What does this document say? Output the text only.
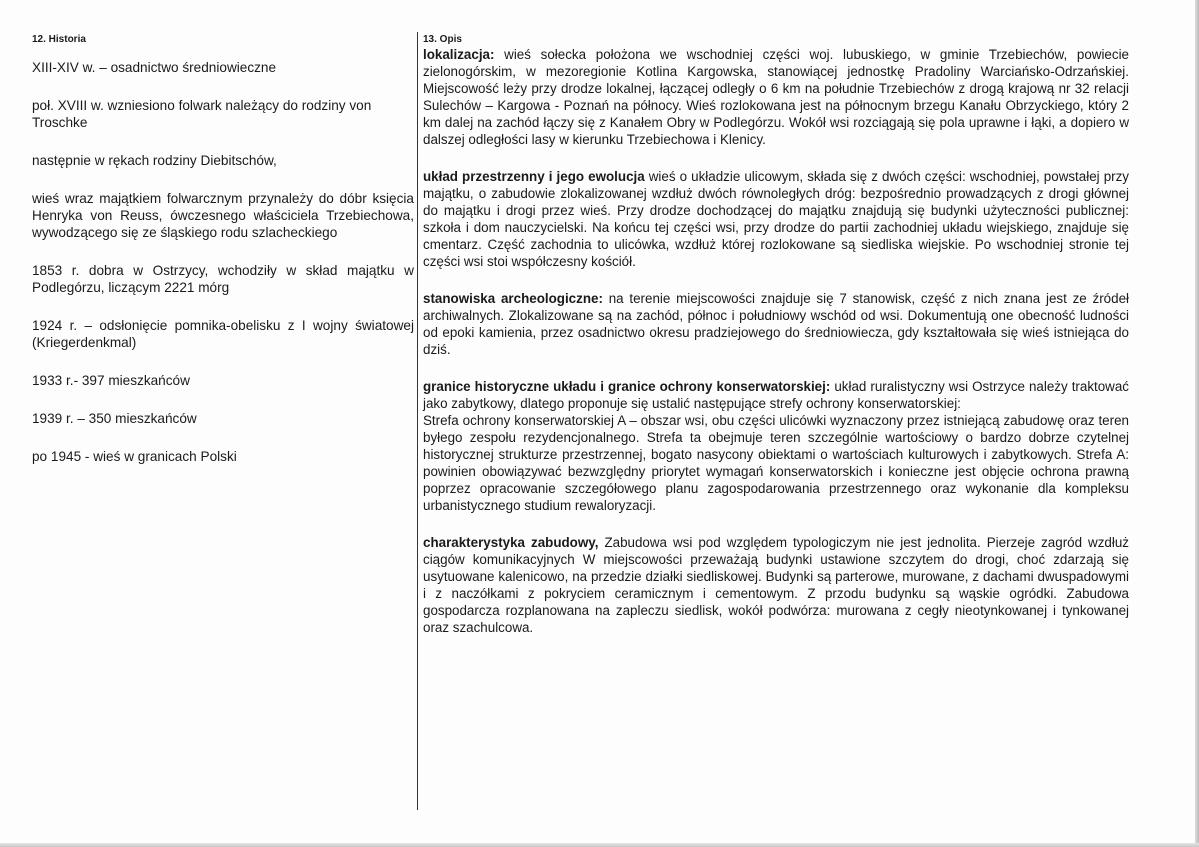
12. Historia
XIII-XIV w. – osadnictwo średniowieczne
poł. XVIII w. wzniesiono folwark należący do rodziny von Troschke
następnie w rękach rodziny Diebitschów,
wieś wraz majątkiem folwarcznym przynależy do dóbr księcia Henryka von Reuss, ówczesnego właściciela Trzebiechowa, wywodzącego się ze śląskiego rodu szlacheckiego
1853 r. dobra w Ostrzycy, wchodziły w skład majątku w Podlegórzu, liczącym 2221 mórg
1924 r. – odsłonięcie pomnika-obelisku z I wojny światowej (Kriegerdenkmal)
1933 r.- 397 mieszkańców
1939 r. – 350 mieszkańców
po 1945 - wieś w granicach Polski
13. Opis

lokalizacja: wieś sołecka położona we wschodniej części woj. lubuskiego, w gminie Trzebiechów, powiecie zielonogórskim, w mezoregionie Kotlina Kargowska, stanowiącej jednostkę Pradoliny Warciańsko-Odrzańskiej. Miejscowość leży przy drodze lokalnej, łączącej odległy o 6 km na południe Trzebiechów z drogą krajową nr 32 relacji Sulechów – Kargowa - Poznań na północy. Wieś rozlokowana jest na północnym brzegu Kanału Obrzyckiego, który 2 km dalej na zachód łączy się z Kanałem Obry w Podlegórzu. Wokół wsi rozciągają się pola uprawne i łąki, a dopiero w dalszej odległości lasy w kierunku Trzebiechowa i Klenicy.

układ przestrzenny i jego ewolucja wieś o układzie ulicowym, składa się z dwóch części: wschodniej, powstałej przy majątku, o zabudowie zlokalizowanej wzdłuż dwóch równoległych dróg: bezpośrednio prowadzących z drogi głównej do majątku i drogi przez wieś. Przy drodze dochodzącej do majątku znajdują się budynki użyteczności publicznej: szkoła i dom nauczycielski. Na końcu tej części wsi, przy drodze do partii zachodniej układu wiejskiego, znajduje się cmentarz. Część zachodnia to ulicówka, wzdłuż której rozlokowane są siedliska wiejskie. Po wschodniej stronie tej części wsi stoi współczesny kościół.

stanowiska archeologiczne: na terenie miejscowości znajduje się 7 stanowisk, część z nich znana jest ze źródeł archiwalnych. Zlokalizowane są na zachód, północ i południowy wschód od wsi. Dokumentują one obecność ludności od epoki kamienia, przez osadnictwo okresu pradziejowego do średniowiecza, gdy kształtowała się wieś istniejąca do dziś.

granice historyczne układu i granice ochrony konserwatorskiej: układ ruralistyczny wsi Ostrzyce należy traktować jako zabytkowy, dlatego proponuje się ustalić następujące strefy ochrony konserwatorskiej:
Strefa ochrony konserwatorskiej A – obszar wsi, obu części ulicówki wyznaczony przez istniejącą zabudowę oraz teren byłego zespołu rezydencjonalnego. Strefa ta obejmuje teren szczególnie wartościowy o bardzo dobrze czytelnej historycznej strukturze przestrzennej, bogato nasycony obiektami o wartościach kulturowych i zabytkowych. Strefa A: powinien obowiązywać bezwzględny priorytet wymagań konserwatorskich i konieczne jest objęcie ochrona prawną poprzez opracowanie szczegółowego planu zagospodarowania przestrzennego oraz wykonanie dla kompleksu urbanistycznego studium rewaloryzacji.

charakterystyka zabudowy, Zabudowa wsi pod względem typologiczym nie jest jednolita. Pierzeje zagród wzdłuż ciągów komunikacyjnych W miejscowości przeważają budynki ustawione szczytem do drogi, choć zdarzają się usytuowane kalenicowo, na przedzie działki siedliskowej. Budynki są parterowe, murowane, z dachami dwuspadowymi i z naczółkami z pokryciem ceramicznym i cementowym. Z przodu budynku są wąskie ogródki. Zabudowa gospodarcza rozplanowana na zapleczu siedlisk, wokół podwórza: murowana z cegły nieotynkowanej i tynkowanej oraz szachulcowa.
